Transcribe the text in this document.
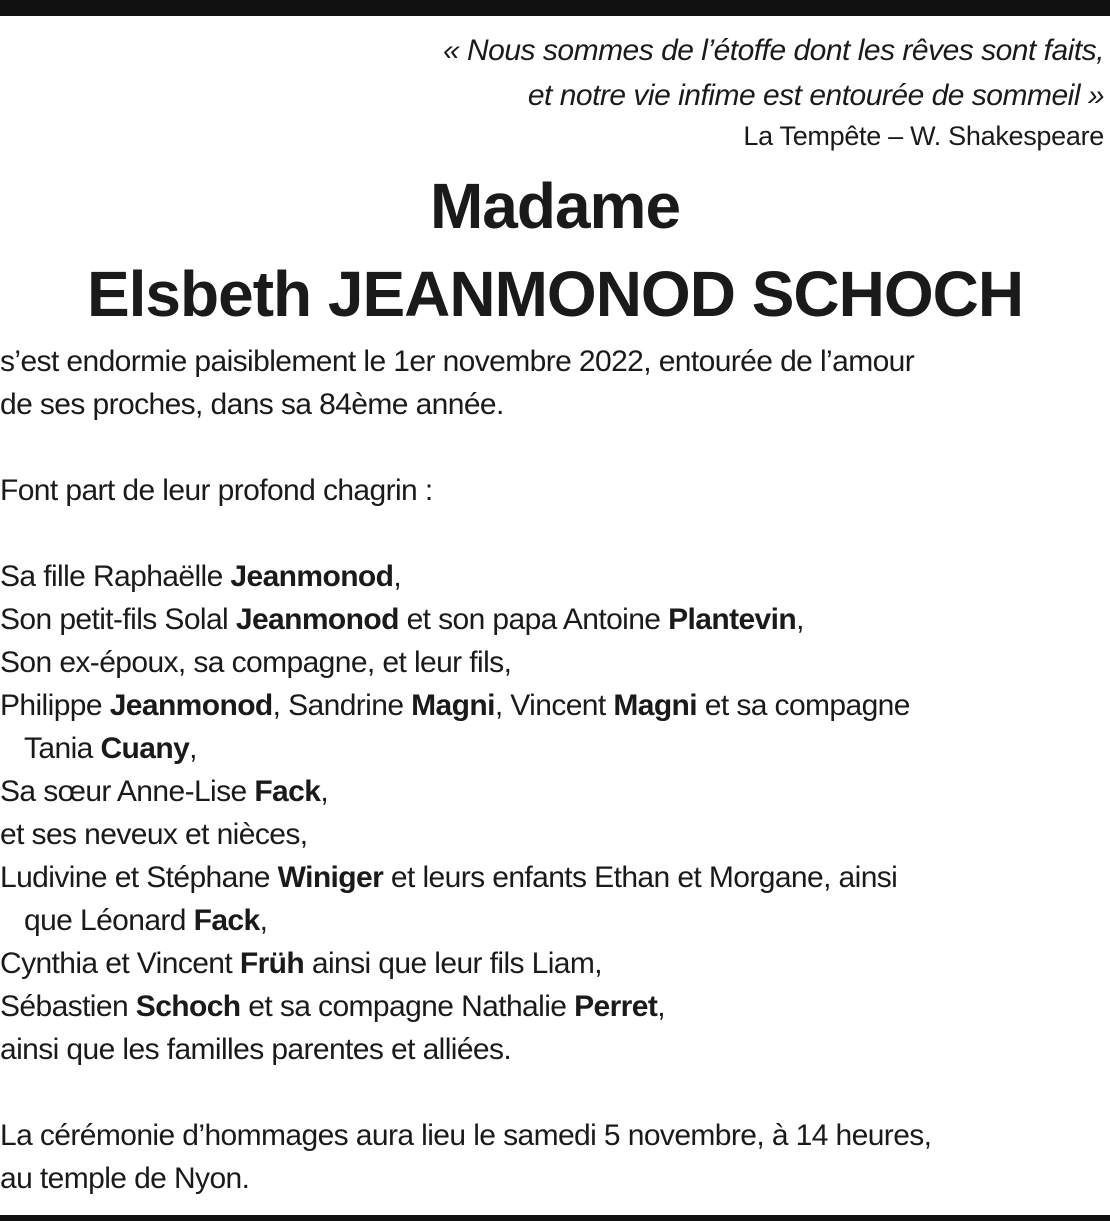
« Nous sommes de l’étoffe dont les rêves sont faits,
et notre vie infime est entourée de sommeil »
La Tempête – W. Shakespeare
Madame
Elsbeth JEANMONOD SCHOCH
s’est endormie paisiblement le 1er novembre 2022, entourée de l’amour
de ses proches, dans sa 84ème année.
Font part de leur profond chagrin :
Sa fille Raphaëlle Jeanmonod,
Son petit-fils Solal Jeanmonod et son papa Antoine Plantevin,
Son ex-époux, sa compagne, et leur fils,
Philippe Jeanmonod, Sandrine Magni, Vincent Magni et sa compagne
Tania Cuany,
Sa sœur Anne-Lise Fack,
et ses neveux et nièces,
Ludivine et Stéphane Winiger et leurs enfants Ethan et Morgane, ainsi
que Léonard Fack,
Cynthia et Vincent Früh ainsi que leur fils Liam,
Sébastien Schoch et sa compagne Nathalie Perret,
ainsi que les familles parentes et alliées.
La cérémonie d’hommages aura lieu le samedi 5 novembre, à 14 heures,
au temple de Nyon.
